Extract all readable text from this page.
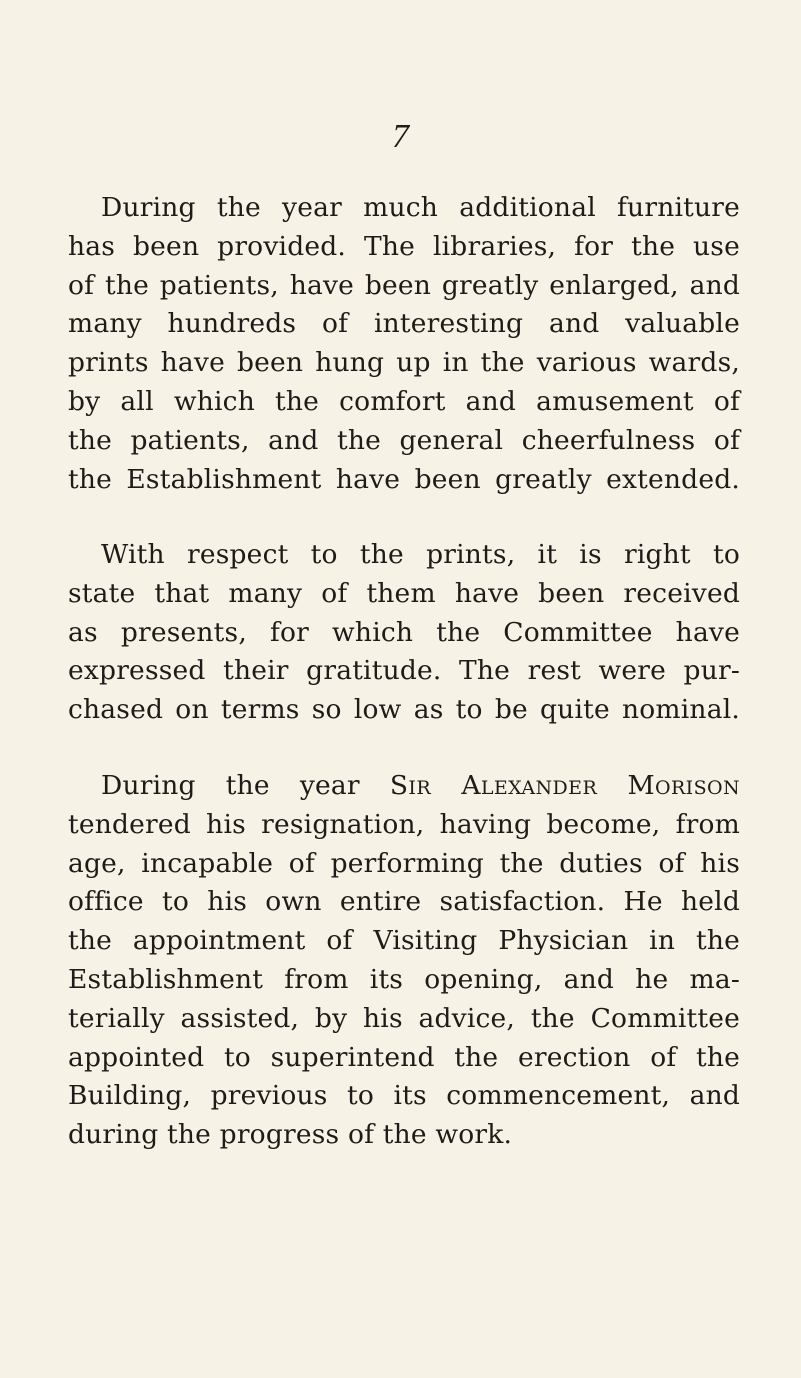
7
During the year much additional furniture
has been provided. The libraries, for the use
of the patients, have been greatly enlarged, and
many hundreds of interesting and valuable
prints have been hung up in the various wards,
by all which the comfort and amusement of
the patients, and the general cheerfulness of
the Establishment have been greatly extended.
With respect to the prints, it is right to
state that many of them have been received
as presents, for which the Committee have
expressed their gratitude. The rest were pur-
chased on terms so low as to be quite nominal.
During the year Sir Alexander Morison
tendered his resignation, having become, from
age, incapable of performing the duties of his
office to his own entire satisfaction. He held
the appointment of Visiting Physician in the
Establishment from its opening, and he ma-
terially assisted, by his advice, the Committee
appointed to superintend the erection of the
Building, previous to its commencement, and
during the progress of the work.
